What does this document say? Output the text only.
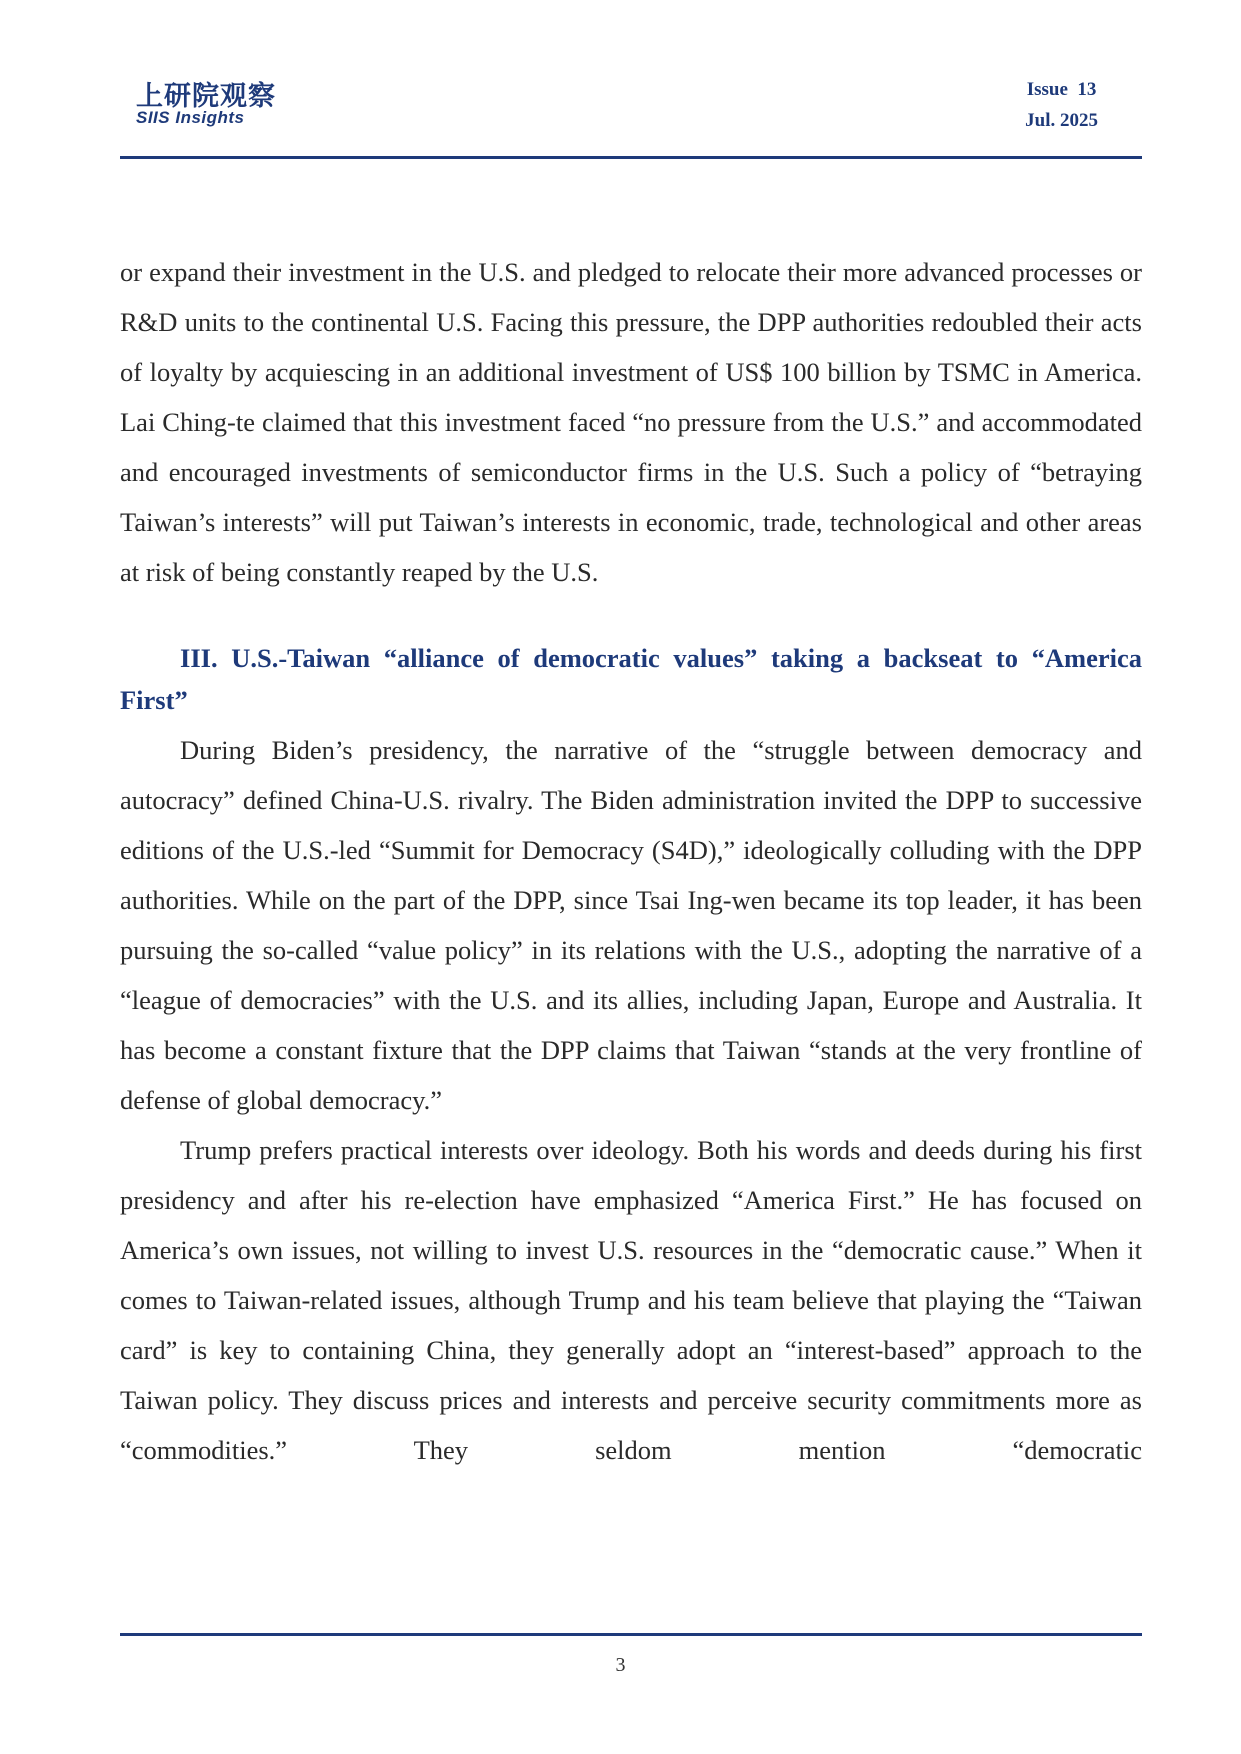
上研院观察
SIIS Insights
Issue  13
Jul. 2025

or expand their investment in the U.S. and pledged to relocate their more advanced processes or R&D units to the continental U.S. Facing this pressure, the DPP authorities redoubled their acts of loyalty by acquiescing in an additional investment of US$ 100 billion by TSMC in America. Lai Ching-te claimed that this investment faced “no pressure from the U.S.” and accommodated and encouraged investments of semiconductor firms in the U.S. Such a policy of “betraying Taiwan’s interests” will put Taiwan’s interests in economic, trade, technological and other areas at risk of being constantly reaped by the U.S.

III. U.S.-Taiwan “alliance of democratic values” taking a backseat to “America First”

During Biden’s presidency, the narrative of the “struggle between democracy and autocracy” defined China-U.S. rivalry. The Biden administration invited the DPP to successive editions of the U.S.-led “Summit for Democracy (S4D),” ideologically colluding with the DPP authorities. While on the part of the DPP, since Tsai Ing-wen became its top leader, it has been pursuing the so-called “value policy” in its relations with the U.S., adopting the narrative of a “league of democracies” with the U.S. and its allies, including Japan, Europe and Australia. It has become a constant fixture that the DPP claims that Taiwan “stands at the very frontline of defense of global democracy.”

Trump prefers practical interests over ideology. Both his words and deeds during his first presidency and after his re-election have emphasized “America First.” He has focused on America’s own issues, not willing to invest U.S. resources in the “democratic cause.” When it comes to Taiwan-related issues, although Trump and his team believe that playing the “Taiwan card” is key to containing China, they generally adopt an “interest-based” approach to the Taiwan policy. They discuss prices and interests and perceive security commitments more as “commodities.” They seldom mention “democratic

3
